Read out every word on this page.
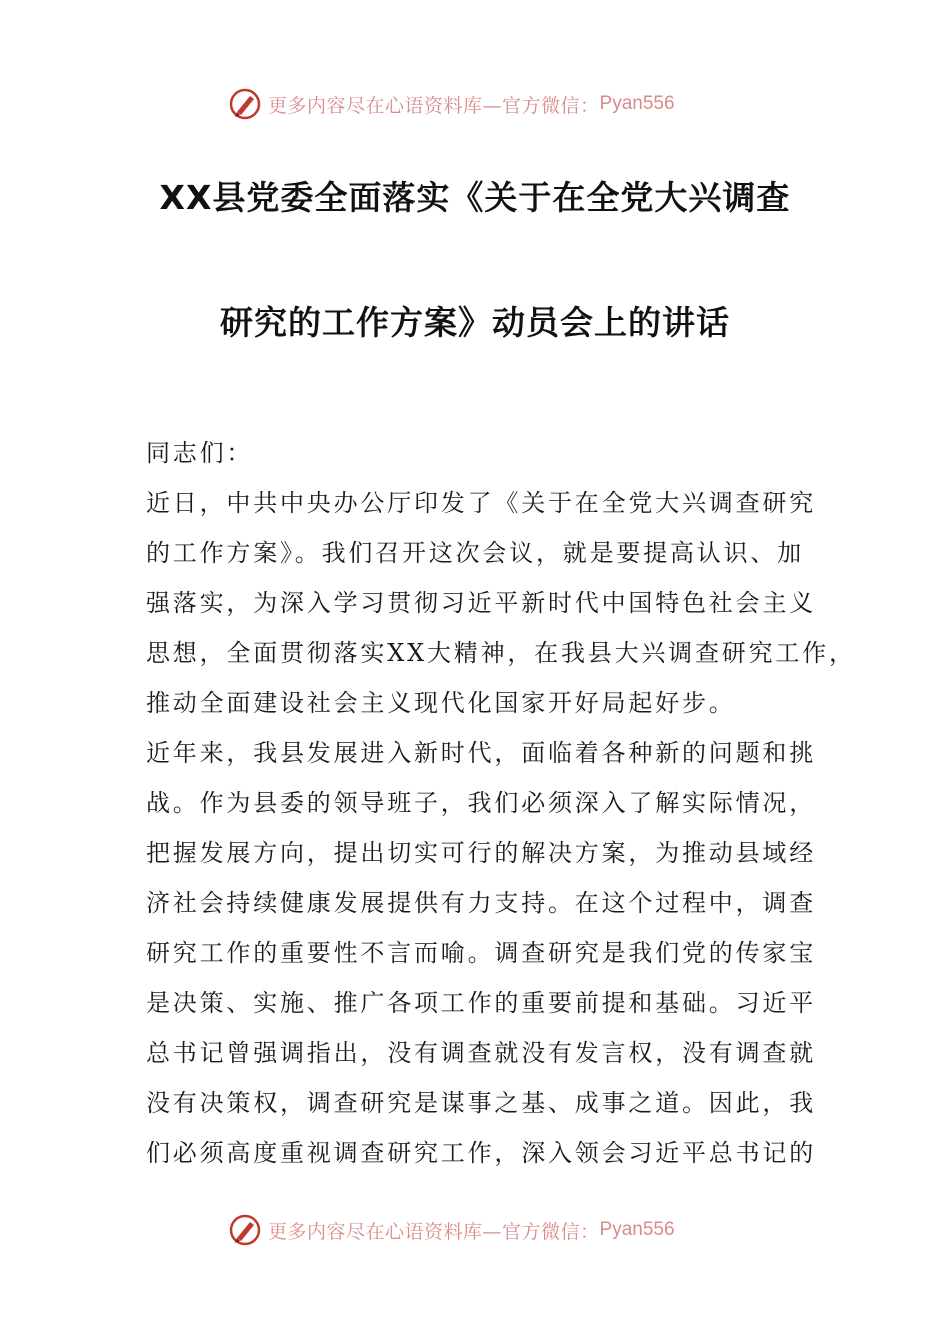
更多内容尽在心语资料库—官方微信： Pyan556
XX县党委全面落实《关于在全党大兴调查
研究的工作方案》动员会上的讲话
同志们：
近日，中共中央办公厅印发了《关于在全党大兴调查研究
的工作方案》。我们召开这次会议，就是要提高认识、加
强落实，为深入学习贯彻习近平新时代中国特色社会主义
思想，全面贯彻落实XX大精神，在我县大兴调查研究工作，
推动全面建设社会主义现代化国家开好局起好步。
近年来，我县发展进入新时代，面临着各种新的问题和挑
战。作为县委的领导班子，我们必须深入了解实际情况，
把握发展方向，提出切实可行的解决方案，为推动县域经
济社会持续健康发展提供有力支持。在这个过程中，调查
研究工作的重要性不言而喻。调查研究是我们党的传家宝
是决策、实施、推广各项工作的重要前提和基础。习近平
总书记曾强调指出，没有调查就没有发言权，没有调查就
没有决策权，调查研究是谋事之基、成事之道。因此，我
们必须高度重视调查研究工作，深入领会习近平总书记的
更多内容尽在心语资料库—官方微信： Pyan556
